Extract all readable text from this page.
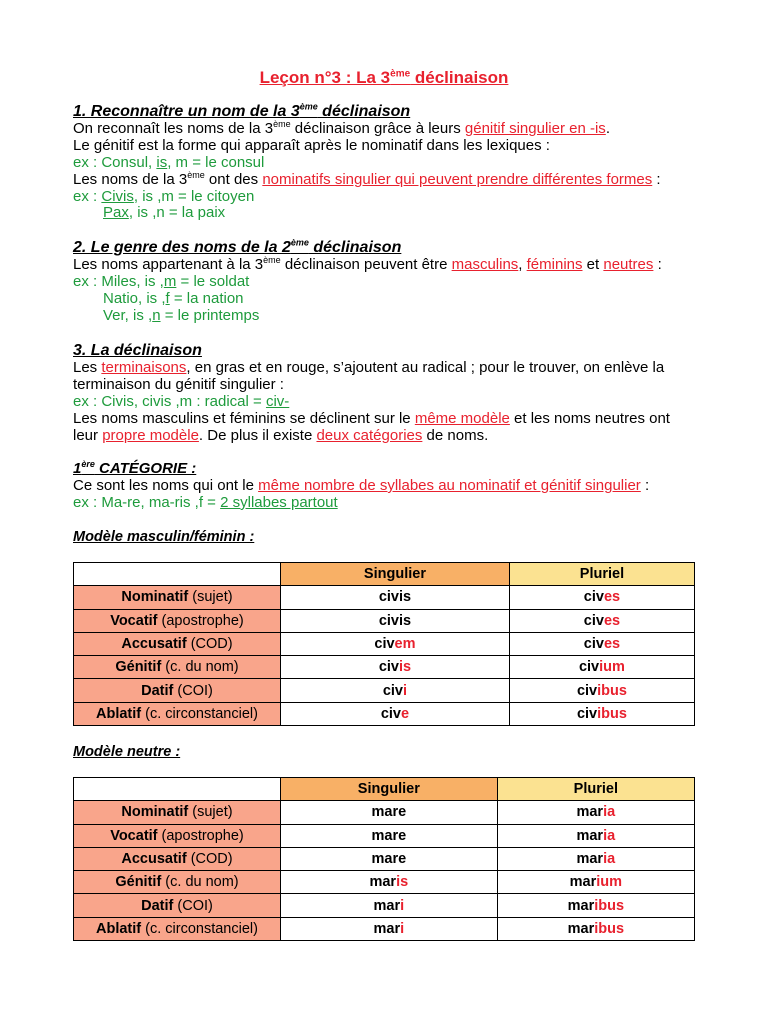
Leçon n°3 : La 3ème déclinaison

1. Reconnaître un nom de la 3ème déclinaison

On reconnaît les noms de la 3ème déclinaison grâce à leurs génitif singulier en -is.

Le génitif est la forme qui apparaît après le nominatif dans les lexiques :

ex : Consul, is, m = le consul

Les noms de la 3ème ont des nominatifs singulier qui peuvent prendre différentes formes :

ex : Civis, is ,m = le citoyen

Pax, is ,n = la paix

2. Le genre des noms de la 2ème déclinaison

Les noms appartenant à la 3ème déclinaison peuvent être masculins, féminins et neutres :

ex : Miles, is ,m = le soldat

Natio, is ,f = la nation

Ver, is ,n = le printemps

3. La déclinaison

Les terminaisons, en gras et en rouge, s’ajoutent au radical ; pour le trouver, on enlève la

terminaison du génitif singulier :

ex : Civis, civis ,m : radical = civ-

Les noms masculins et féminins se déclinent sur le même modèle et les noms neutres ont

leur propre modèle. De plus il existe deux catégories de noms.

1ère CATÉGORIE :

Ce sont les noms qui ont le même nombre de syllabes au nominatif et génitif singulier :

ex : Ma-re, ma-ris ,f = 2 syllabes partout

Modèle masculin/féminin :

	Singulier	Pluriel
Nominatif (sujet)	civis	cives
Vocatif (apostrophe)	civis	cives
Accusatif (COD)	civem	cives
Génitif (c. du nom)	civis	civium
Datif (COI)	civi	civibus
Ablatif (c. circonstanciel)	cive	civibus

Modèle neutre :

	Singulier	Pluriel
Nominatif (sujet)	mare	maria
Vocatif (apostrophe)	mare	maria
Accusatif (COD)	mare	maria
Génitif (c. du nom)	maris	marium
Datif (COI)	mari	maribus
Ablatif (c. circonstanciel)	mari	maribus
